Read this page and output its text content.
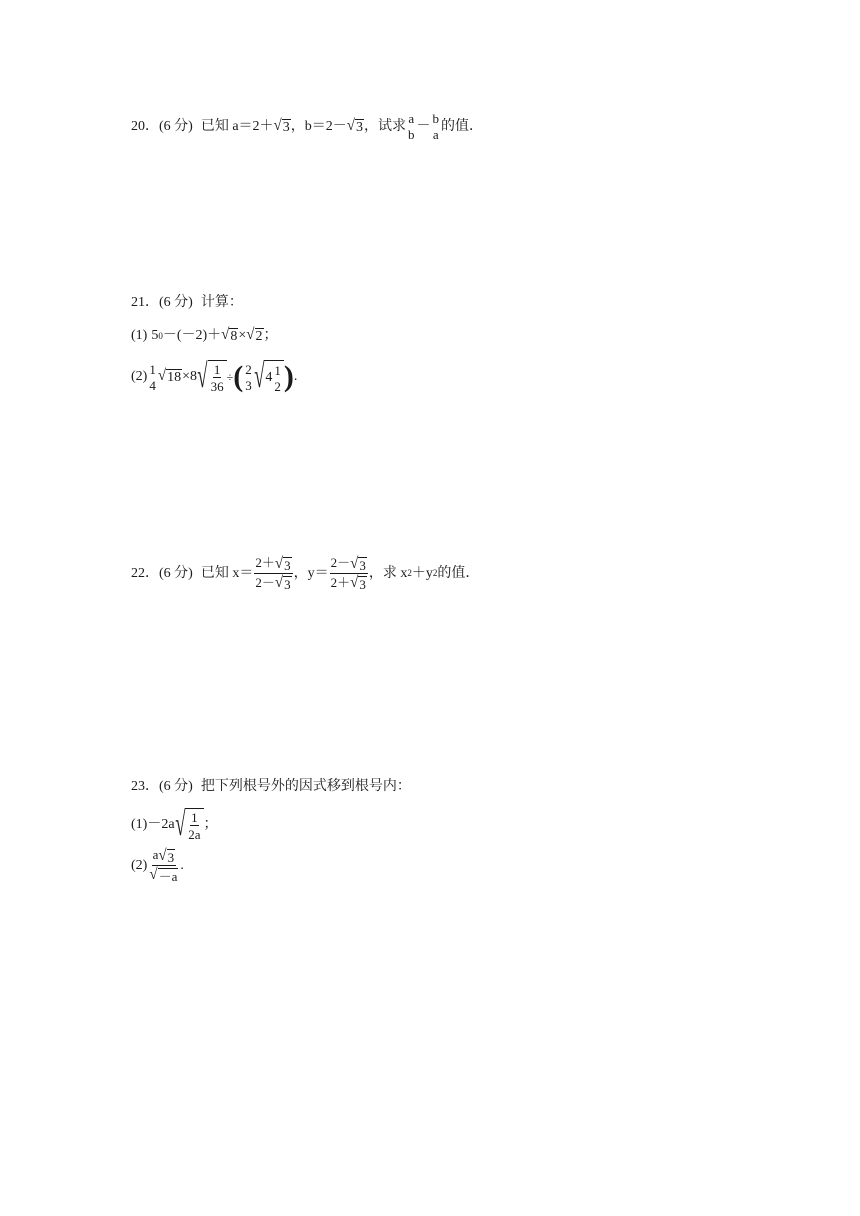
20．(6 分) 已知 a＝2＋ √ 3 ，b＝2－ √ 3 ，试求 a
b
－ b
a
的值．
21．(6 分) 计算：
(1) 5 0 －(－2)＋ √ 8 × √ 2 ；
(2) 1
4
√ 18 ×8 √ $\frac{1}{36}$ ÷ ( 2
3 √ 4 1
2 ) .
22．(6 分) 已知 $x= \frac{2+ √ 3}{2- √ 3}$ ， $y= \frac{2- √ 3}{2+ √ 3}$ ，求 x 2 ＋y 2 的值．
23．(6 分) 把下列根号外的因式移到根号内：
(1)－2a √ $\frac{1}{2a}$ ；
$(2) \frac{a √ 3}{√ -a}$ .
